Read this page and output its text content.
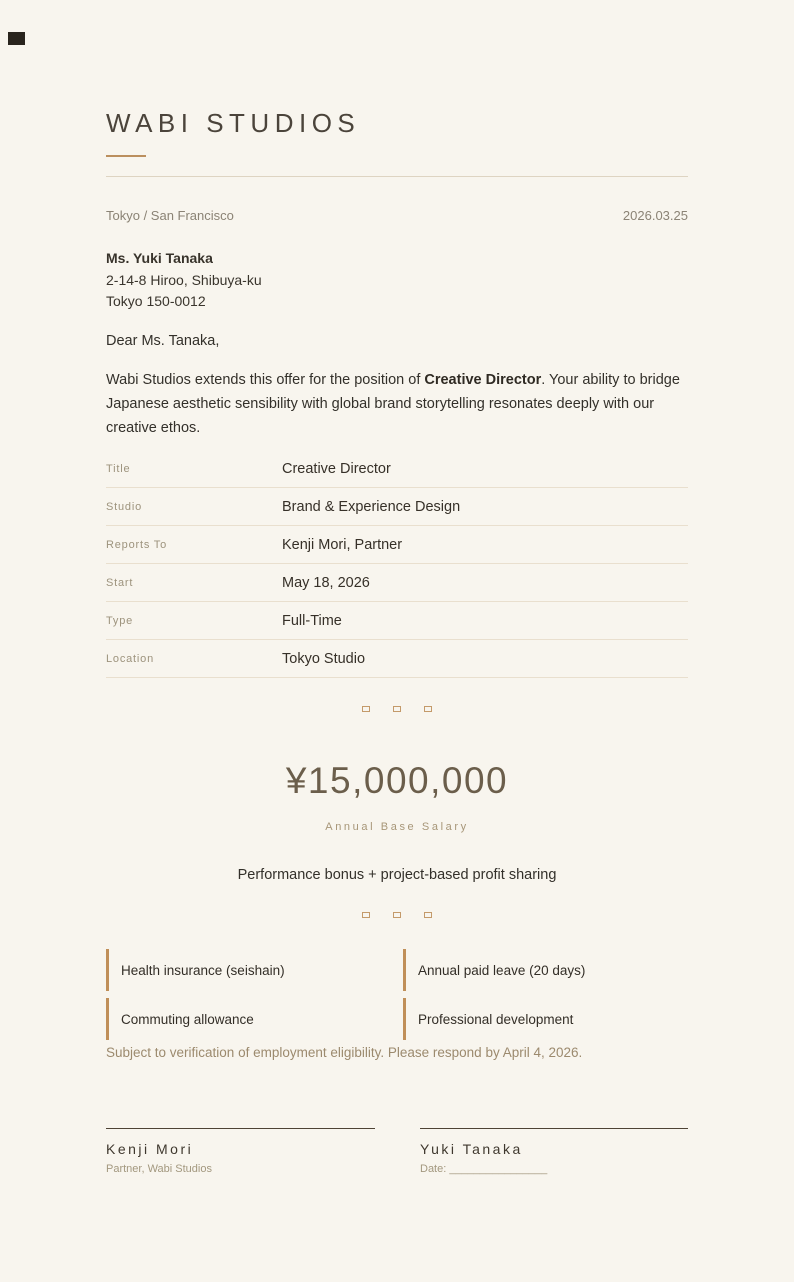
WABI STUDIOS
Tokyo / San Francisco	2026.03.25
Ms. Yuki Tanaka
2-14-8 Hiroo, Shibuya-ku
Tokyo 150-0012
Dear Ms. Tanaka,

Wabi Studios extends this offer for the position of Creative Director. Your ability to bridge Japanese aesthetic sensibility with global brand storytelling resonates deeply with our creative ethos.

Title	Creative Director
Studio	Brand & Experience Design
Reports To	Kenji Mori, Partner
Start	May 18, 2026
Type	Full-Time
Location	Tokyo Studio
¥15,000,000
Annual Base Salary
Performance bonus + project-based profit sharing
Health insurance (seishain)	Annual paid leave (20 days)
Commuting allowance	Professional development
Subject to verification of employment eligibility. Please respond by April 4, 2026.
Kenji Mori
Partner, Wabi Studios
Yuki Tanaka
Date: ________________
